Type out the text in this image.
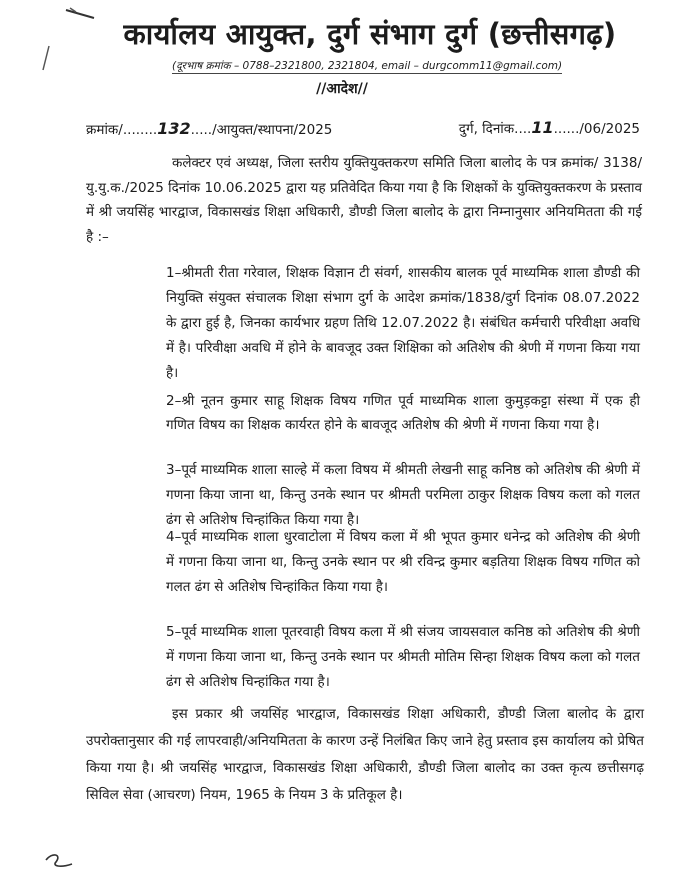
कार्यालय आयुक्त, दुर्ग संभाग दुर्ग (छत्तीसगढ़)
(दूरभाष क्रमांक – 0788–2321800, 2321804, email – durgcomm11@gmail.com)
//आदेश//
क्रमांक/........132...../आयुक्त/स्थापना/2025	दुर्ग, दिनांक....11....../06/2025
कलेक्टर एवं अध्यक्ष, जिला स्तरीय युक्तियुक्तकरण समिति जिला बालोद के पत्र क्रमांक/ 3138/यु.यु.क./2025 दिनांक 10.06.2025 द्वारा यह प्रतिवेदित किया गया है कि शिक्षकों के युक्तियुक्तकरण के प्रस्ताव में श्री जयसिंह भारद्वाज, विकासखंड शिक्षा अधिकारी, डौण्डी जिला बालोद के द्वारा निम्नानुसार अनियमितता की गई है :–
1–श्रीमती रीता गरेवाल, शिक्षक विज्ञान टी संवर्ग, शासकीय बालक पूर्व माध्यमिक शाला डौण्डी की नियुक्ति संयुक्त संचालक शिक्षा संभाग दुर्ग के आदेश क्रमांक/1838/दुर्ग दिनांक 08.07.2022 के द्वारा हुई है, जिनका कार्यभार ग्रहण तिथि 12.07.2022 है। संबंधित कर्मचारी परिवीक्षा अवधि में है। परिवीक्षा अवधि में होने के बावजूद उक्त शिक्षिका को अतिशेष की श्रेणी में गणना किया गया है।
2–श्री नूतन कुमार साहू शिक्षक विषय गणित पूर्व माध्यमिक शाला कुमुड़कट्टा संस्था में एक ही गणित विषय का शिक्षक कार्यरत होने के बावजूद अतिशेष की श्रेणी में गणना किया गया है।
3–पूर्व माध्यमिक शाला साल्हे में कला विषय में श्रीमती लेखनी साहू कनिष्ठ को अतिशेष की श्रेणी में गणना किया जाना था, किन्तु उनके स्थान पर श्रीमती परमिला ठाकुर शिक्षक विषय कला को गलत ढंग से अतिशेष चिन्हांकित किया गया है।
4–पूर्व माध्यमिक शाला धुरवाटोला में विषय कला में श्री भूपत कुमार धनेन्द्र को अतिशेष की श्रेणी में गणना किया जाना था, किन्तु उनके स्थान पर श्री रविन्द्र कुमार बड़तिया शिक्षक विषय गणित को गलत ढंग से अतिशेष चिन्हांकित किया गया है।
5–पूर्व माध्यमिक शाला पूतरवाही विषय कला में श्री संजय जायसवाल कनिष्ठ को अतिशेष की श्रेणी में गणना किया जाना था, किन्तु उनके स्थान पर श्रीमती मोतिम सिन्हा शिक्षक विषय कला को गलत ढंग से अतिशेष चिन्हांकित गया है।
इस प्रकार श्री जयसिंह भारद्वाज, विकासखंड शिक्षा अधिकारी, डौण्डी जिला बालोद के द्वारा उपरोक्तानुसार की गई लापरवाही/अनियमितता के कारण उन्हें निलंबित किए जाने हेतु प्रस्ताव इस कार्यालय को प्रेषित किया गया है। श्री जयसिंह भारद्वाज, विकासखंड शिक्षा अधिकारी, डौण्डी जिला बालोद का उक्त कृत्य छत्तीसगढ़ सिविल सेवा (आचरण) नियम, 1965 के नियम 3 के प्रतिकूल है।
